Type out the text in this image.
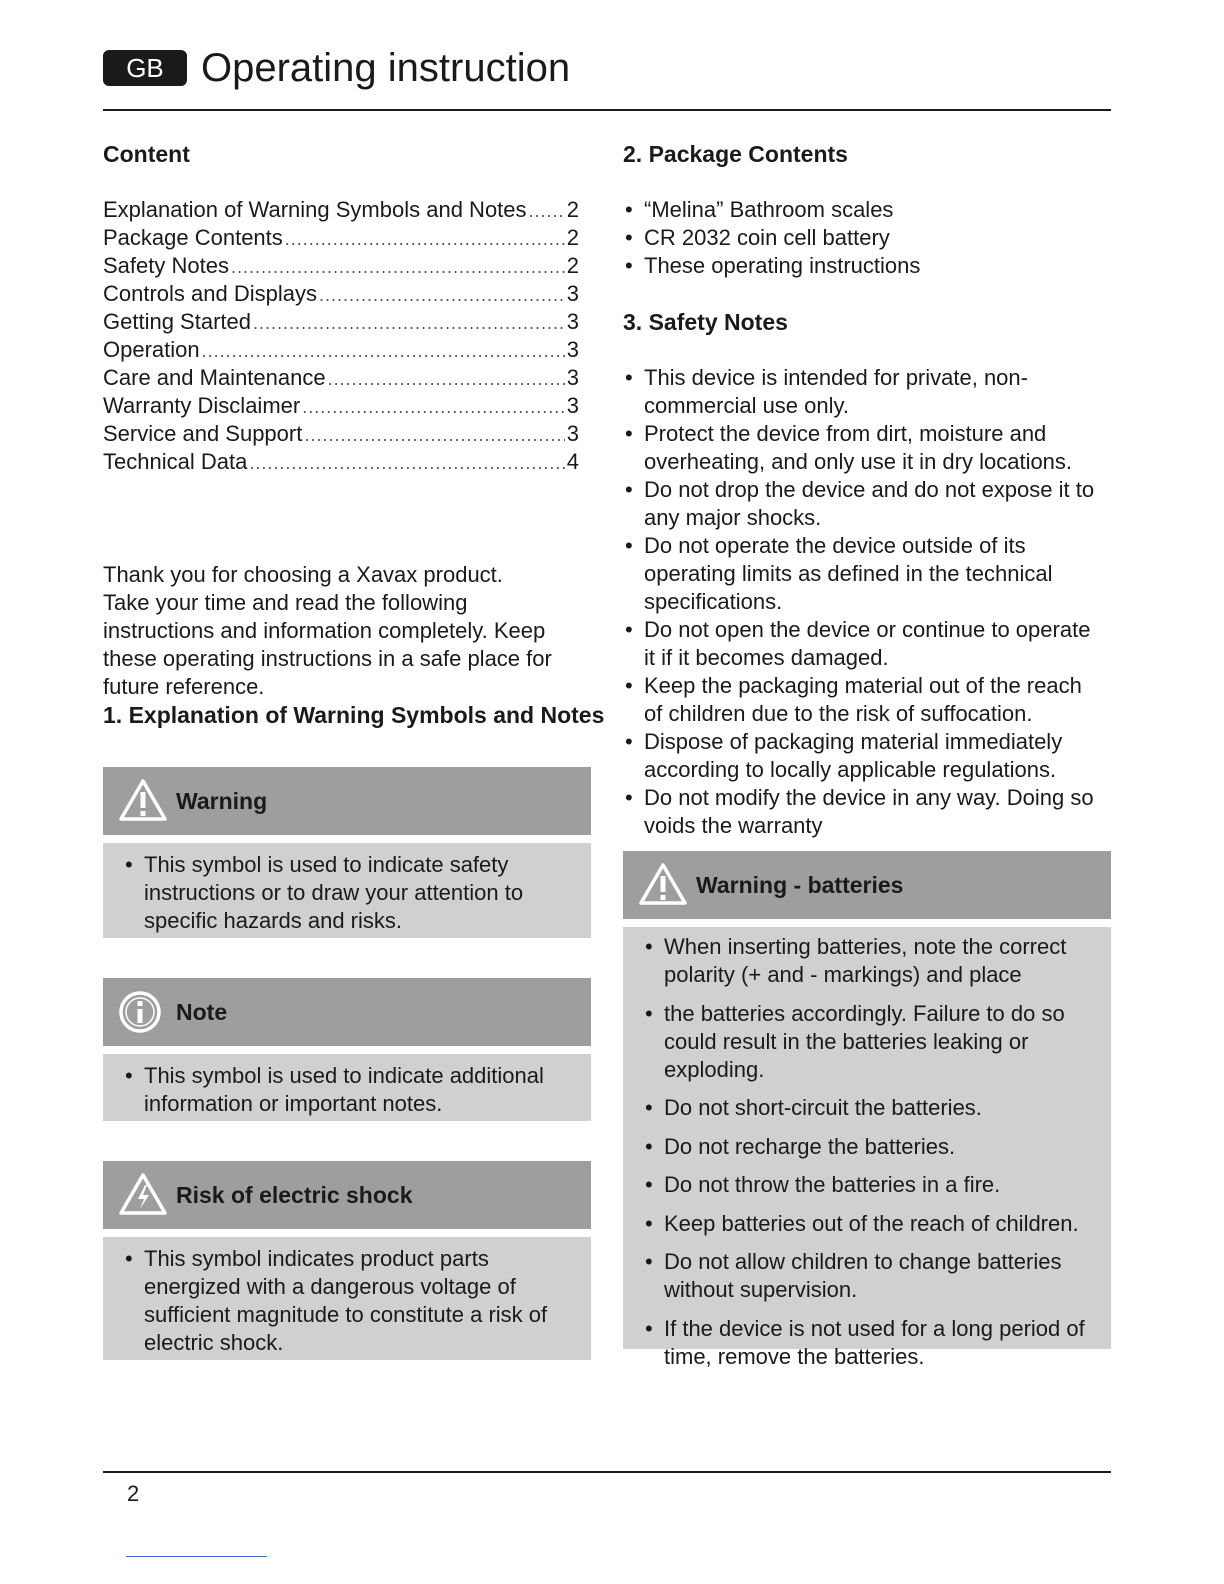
GB Operating instruction
Content
Explanation of Warning Symbols and Notes ..... 2
Package Contents .....	2
Safety Notes .....	2
Controls and Displays .....	3
Getting Started .....	3
Operation .....	3
Care and Maintenance .....	3
Warranty Disclaimer .....	3
Service and Support .....	3
Technical Data .....	4
Thank you for choosing a Xavax product.
Take your time and read the following instructions and information completely. Keep these operating instructions in a safe place for future reference.
1. Explanation of Warning Symbols and Notes
Warning
• This symbol is used to indicate safety instructions or to draw your attention to specific hazards and risks.
Note
• This symbol is used to indicate additional information or important notes.
Risk of electric shock
• This symbol indicates product parts energized with a dangerous voltage of sufficient magnitude to constitute a risk of electric shock.
2. Package Contents
• “Melina” Bathroom scales
• CR 2032 coin cell battery
• These operating instructions
3. Safety Notes
• This device is intended for private, non-commercial use only.
• Protect the device from dirt, moisture and overheating, and only use it in dry locations.
• Do not drop the device and do not expose it to any major shocks.
• Do not operate the device outside of its operating limits as defined in the technical specifications.
• Do not open the device or continue to operate it if it becomes damaged.
• Keep the packaging material out of the reach of children due to the risk of suffocation.
• Dispose of packaging material immediately according to locally applicable regulations.
• Do not modify the device in any way. Doing so voids the warranty
Warning - batteries
• When inserting batteries, note the correct polarity (+ and - markings) and place
• the batteries accordingly. Failure to do so could result in the batteries leaking or exploding.
• Do not short-circuit the batteries.
• Do not recharge the batteries.
• Do not throw the batteries in a fire.
• Keep batteries out of the reach of children.
• Do not allow children to change batteries without supervision.
• If the device is not used for a long period of time, remove the batteries.
2
